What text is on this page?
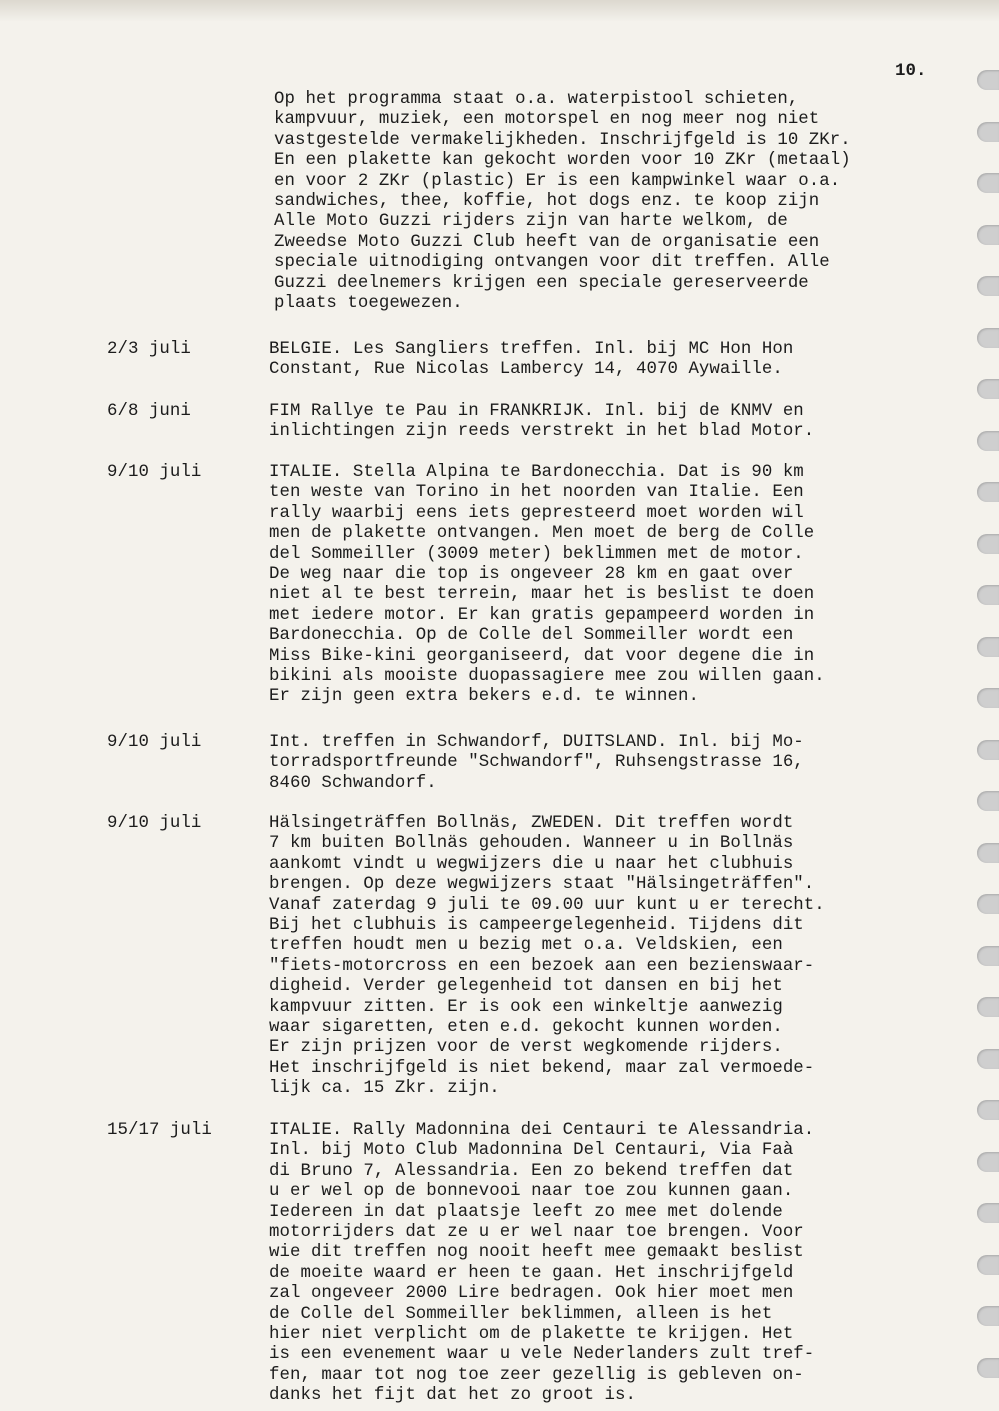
10.
Op het programma staat o.a. waterpistool schieten,
kampvuur, muziek, een motorspel en nog meer nog niet
vastgestelde vermakelijkheden. Inschrijfgeld is 10 ZKr.
En een plakette kan gekocht worden voor 10 ZKr (metaal)
en voor 2 ZKr (plastic) Er is een kampwinkel waar o.a.
sandwiches, thee, koffie, hot dogs enz. te koop zijn
Alle Moto Guzzi rijders zijn van harte welkom, de
Zweedse Moto Guzzi Club heeft van de organisatie een
speciale uitnodiging ontvangen voor dit treffen. Alle
Guzzi deelnemers krijgen een speciale gereserveerde
plaats toegewezen.
2/3 juli	BELGIE. Les Sangliers treffen. Inl. bij MC Hon Hon
Constant, Rue Nicolas Lambercy 14, 4070 Aywaille.
6/8 juni	FIM Rallye te Pau in FRANKRIJK. Inl. bij de KNMV en
inlichtingen zijn reeds verstrekt in het blad Motor.
9/10 juli	ITALIE. Stella Alpina te Bardonecchia. Dat is 90 km
ten weste van Torino in het noorden van Italie. Een
rally waarbij eens iets gepresteerd moet worden wil
men de plakette ontvangen. Men moet de berg de Colle
del Sommeiller (3009 meter) beklimmen met de motor.
De weg naar die top is ongeveer 28 km en gaat over
niet al te best terrein, maar het is beslist te doen
met iedere motor. Er kan gratis gepampeerd worden in
Bardonecchia. Op de Colle del Sommeiller wordt een
Miss Bike-kini georganiseerd, dat voor degene die in
bikini als mooiste duopassagiere mee zou willen gaan.
Er zijn geen extra bekers e.d. te winnen.
9/10 juli	Int. treffen in Schwandorf, DUITSLAND. Inl. bij Mo-
torradsportfreunde "Schwandorf", Ruhsengstrasse 16,
8460 Schwandorf.
9/10 juli	Hälsingeträffen Bollnäs, ZWEDEN. Dit treffen wordt
7 km buiten Bollnäs gehouden. Wanneer u in Bollnäs
aankomt vindt u wegwijzers die u naar het clubhuis
brengen. Op deze wegwijzers staat "Hälsingeträffen".
Vanaf zaterdag 9 juli te 09.00 uur kunt u er terecht.
Bij het clubhuis is campeergelegenheid. Tijdens dit
treffen houdt men u bezig met o.a. Veldskien, een
"fiets-motorcross en een bezoek aan een bezienswaar-
digheid. Verder gelegenheid tot dansen en bij het
kampvuur zitten. Er is ook een winkeltje aanwezig
waar sigaretten, eten e.d. gekocht kunnen worden.
Er zijn prijzen voor de verst wegkomende rijders.
Het inschrijfgeld is niet bekend, maar zal vermoede-
lijk ca. 15 Zkr. zijn.
15/17 juli	ITALIE. Rally Madonnina dei Centauri te Alessandria.
Inl. bij Moto Club Madonnina Del Centauri, Via Faà
di Bruno 7, Alessandria. Een zo bekend treffen dat
u er wel op de bonnevooi naar toe zou kunnen gaan.
Iedereen in dat plaatsje leeft zo mee met dolende
motorrijders dat ze u er wel naar toe brengen. Voor
wie dit treffen nog nooit heeft mee gemaakt beslist
de moeite waard er heen te gaan. Het inschrijfgeld
zal ongeveer 2000 Lire bedragen. Ook hier moet men
de Colle del Sommeiller beklimmen, alleen is het
hier niet verplicht om de plakette te krijgen. Het
is een evenement waar u vele Nederlanders zult tref-
fen, maar tot nog toe zeer gezellig is gebleven on-
danks het fijt dat het zo groot is.
